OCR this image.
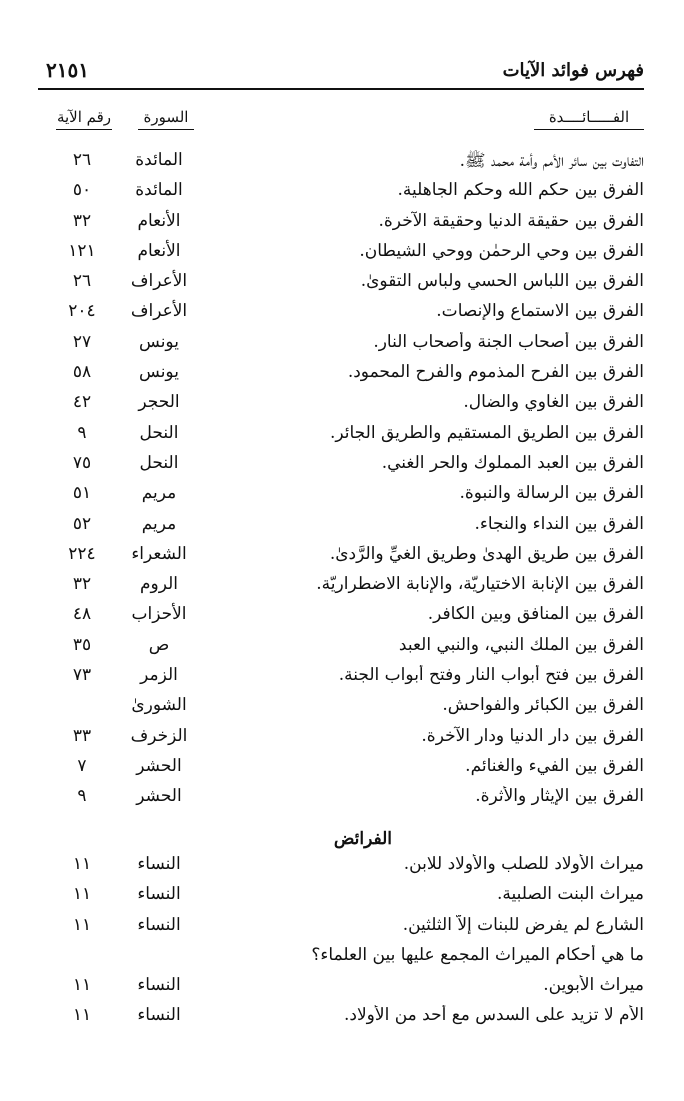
فهرس فوائد الآيات
٢١٥١
الفـــــائــــدة
السورة
رقم الآية
التفاوت بين سائر الأمم وأمة محمد ﷺ.
المائدة
٢٦
الفرق بين حكم الله وحكم الجاهلية.
المائدة
٥٠
الفرق بين حقيقة الدنيا وحقيقة الآخرة.
الأنعام
٣٢
الفرق بين وحي الرحمٰن ووحي الشيطان.
الأنعام
١٢١
الفرق بين اللباس الحسي ولباس التقوىٰ.
الأعراف
٢٦
الفرق بين الاستماع والإنصات.
الأعراف
٢٠٤
الفرق بين أصحاب الجنة وأصحاب النار.
يونس
٢٧
الفرق بين الفرح المذموم والفرح المحمود.
يونس
٥٨
الفرق بين الغاوي والضال.
الحجر
٤٢
الفرق بين الطريق المستقيم والطريق الجائر.
النحل
٩
الفرق بين العبد المملوك والحر الغني.
النحل
٧٥
الفرق بين الرسالة والنبوة.
مريم
٥١
الفرق بين النداء والنجاء.
مريم
٥٢
الفرق بين طريق الهدىٰ وطريق الغيِّ والرَّدىٰ.
الشعراء
٢٢٤
الفرق بين الإنابة الاختياريّة، والإنابة الاضطراريّة.
الروم
٣٢
الفرق بين المنافق وبين الكافر.
الأحزاب
٤٨
الفرق بين الملك النبي، والنبي العبد
ص
٣٥
الفرق بين فتح أبواب النار وفتح أبواب الجنة.
الزمر
٧٣
الفرق بين الكبائر والفواحش.
الشورىٰ
الفرق بين دار الدنيا ودار الآخرة.
الزخرف
٣٣
الفرق بين الفيء والغنائم.
الحشر
٧
الفرق بين الإيثار والأثرة.
الحشر
٩
الفرائض
ميراث الأولاد للصلب والأولاد للابن.
النساء
١١
ميراث البنت الصلبية.
النساء
١١
الشارع لم يفرض للبنات إلاّ الثلثين.
النساء
١١
ما هي أحكام الميراث المجمع عليها بين العلماء؟
ميراث الأبوين.
النساء
١١
الأم لا تزيد على السدس مع أحد من الأولاد.
النساء
١١
